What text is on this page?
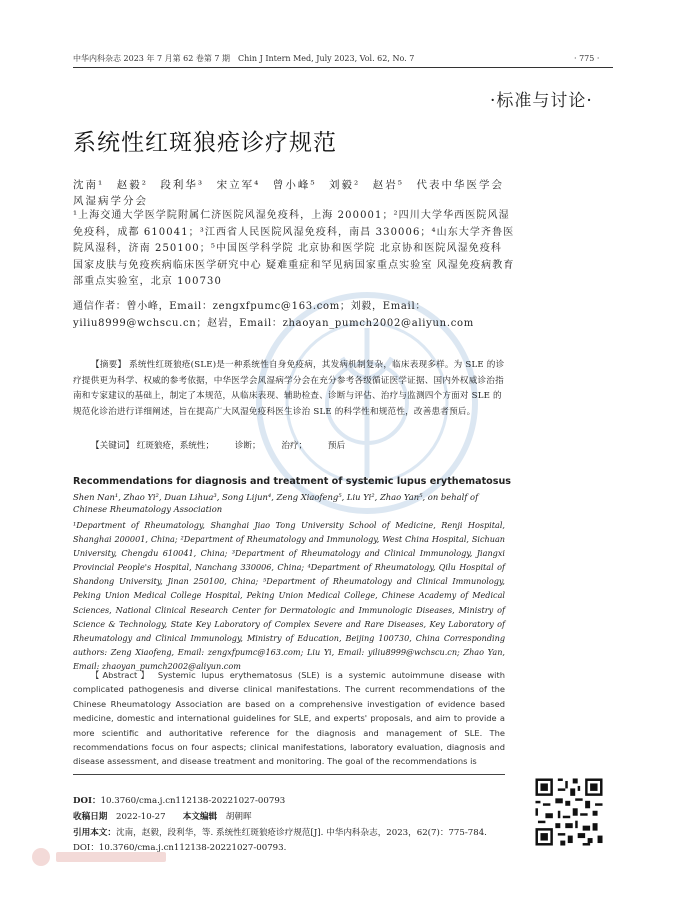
中华内科杂志 2023 年 7 月第 62 卷第 7 期　Chin J Intern Med, July 2023, Vol. 62, No. 7	· 775 ·
·标准与讨论·
系统性红斑狼疮诊疗规范
沈南¹　赵毅²　段利华³　宋立军⁴　曾小峰⁵　刘毅²　赵岩⁵　代表中华医学会风湿病学分会
¹上海交通大学医学院附属仁济医院风湿免疫科，上海 200001；²四川大学华西医院风湿免疫科，成都 610041；³江西省人民医院风湿免疫科，南昌 330006；⁴山东大学齐鲁医院风湿科，济南 250100；⁵中国医学科学院 北京协和医学院 北京协和医院风湿免疫科 国家皮肤与免疫疾病临床医学研究中心 疑难重症和罕见病国家重点实验室 风湿免疫病教育部重点实验室，北京 100730
通信作者：曾小峰，Email：zengxfpumc@163.com；刘毅，Email：yiliu8999@wchscu.cn；赵岩，Email：zhaoyan_pumch2002@aliyun.com
【摘要】 系统性红斑狼疮(SLE)是一种系统性自身免疫病，其发病机制复杂，临床表现多样。为 SLE 的诊疗提供更为科学、权威的参考依据，中华医学会风湿病学分会在充分参考各级循证医学证据、国内外权威诊治指南和专家建议的基础上，制定了本规范，从临床表现、辅助检查、诊断与评估、治疗与监测四个方面对 SLE 的规范化诊治进行详细阐述，旨在提高广大风湿免疫科医生诊治 SLE 的科学性和规范性，改善患者预后。
【关键词】 红斑狼疮，系统性； 诊断； 治疗； 预后
Recommendations for diagnosis and treatment of systemic lupus erythematosus
Shen Nan¹, Zhao Yi², Duan Lihua³, Song Lijun⁴, Zeng Xiaofeng⁵, Liu Yi², Zhao Yan⁵, on behalf of Chinese Rheumatology Association
¹Department of Rheumatology, Shanghai Jiao Tong University School of Medicine, Renji Hospital, Shanghai 200001, China; ²Department of Rheumatology and Immunology, West China Hospital, Sichuan University, Chengdu 610041, China; ³Department of Rheumatology and Clinical Immunology, Jiangxi Provincial People's Hospital, Nanchang 330006, China; ⁴Department of Rheumatology, Qilu Hospital of Shandong University, Jinan 250100, China; ⁵Department of Rheumatology and Clinical Immunology, Peking Union Medical College Hospital, Peking Union Medical College, Chinese Academy of Medical Sciences, National Clinical Research Center for Dermatologic and Immunologic Diseases, Ministry of Science & Technology, State Key Laboratory of Complex Severe and Rare Diseases, Key Laboratory of Rheumatology and Clinical Immunology, Ministry of Education, Beijing 100730, China Corresponding authors: Zeng Xiaofeng, Email: zengxfpumc@163.com; Liu Yi, Email: yiliu8999@wchscu.cn; Zhao Yan, Email: zhaoyan_pumch2002@aliyun.com
【Abstract】 Systemic lupus erythematosus (SLE) is a systemic autoimmune disease with complicated pathogenesis and diverse clinical manifestations. The current recommendations of the Chinese Rheumatology Association are based on a comprehensive investigation of evidence based medicine, domestic and international guidelines for SLE, and experts' proposals, and aim to provide a more scientific and authoritative reference for the diagnosis and management of SLE. The recommendations focus on four aspects; clinical manifestations, laboratory evaluation, diagnosis and disease assessment, and disease treatment and monitoring. The goal of the recommendations is
DOI：10.3760/cma.j.cn112138-20221027-00793
收稿日期　 2022-10-27　　 本文编辑　 胡朝晖
引用本文：沈南，赵毅，段利华，等. 系统性红斑狼疮诊疗规范[J]. 中华内科杂志，2023，62(7)：775-784.
DOI：10.3760/cma.j.cn112138-20221027-00793.
